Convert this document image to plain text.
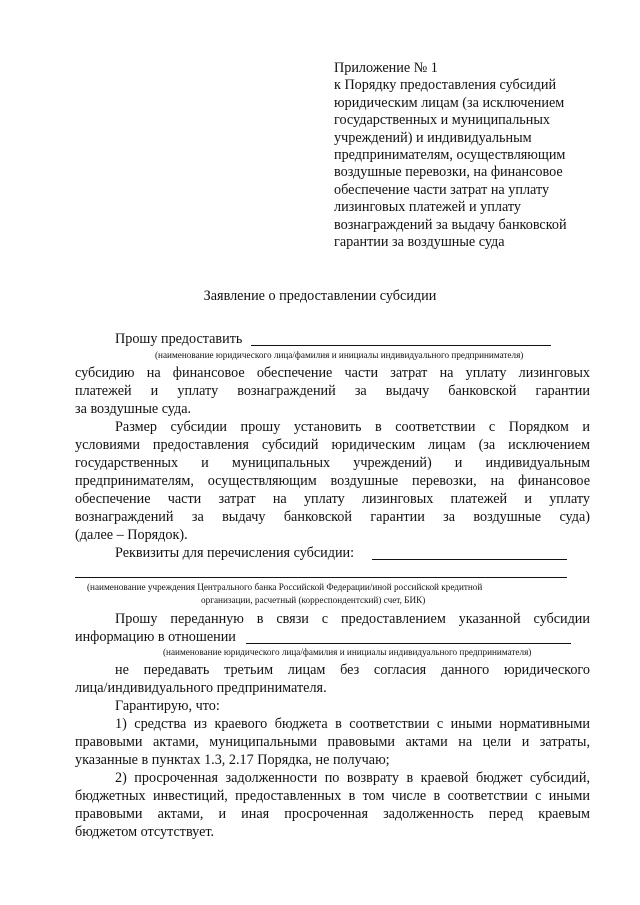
Приложение № 1
к Порядку предоставления субсидий
юридическим лицам (за исключением
государственных и муниципальных
учреждений) и индивидуальным
предпринимателям, осуществляющим
воздушные перевозки, на финансовое
обеспечение части затрат на уплату
лизинговых платежей и уплату
вознаграждений за выдачу банковской
гарантии за воздушные суда
Заявление о предоставлении субсидии
Прошу предоставить
(наименование юридического лица/фамилия и инициалы индивидуального предпринимателя)
субсидию на финансовое обеспечение части затрат на уплату лизинговых
платежей и уплату вознаграждений за выдачу банковской гарантии
за воздушные суда.
Размер субсидии прошу установить в соответствии с Порядком и
условиями предоставления субсидий юридическим лицам (за исключением
государственных и муниципальных учреждений) и индивидуальным
предпринимателям, осуществляющим воздушные перевозки, на финансовое
обеспечение части затрат на уплату лизинговых платежей и уплату
вознаграждений за выдачу банковской гарантии за воздушные суда)
(далее – Порядок).
Реквизиты для перечисления субсидии:
(наименование учреждения Центрального банка Российской Федерации/иной российской кредитной
организации, расчетный (корреспондентский) счет, БИК)
Прошу переданную в связи с предоставлением указанной субсидии
информацию в отношении
(наименование юридического лица/фамилия и инициалы индивидуального предпринимателя)
не передавать третьим лицам без согласия данного юридического
лица/индивидуального предпринимателя.
Гарантирую, что:
1) средства из краевого бюджета в соответствии с иными нормативными
правовыми актами, муниципальными правовыми актами на цели и затраты,
указанные в пунктах 1.3, 2.17 Порядка, не получаю;
2) просроченная задолженности по возврату в краевой бюджет субсидий,
бюджетных инвестиций, предоставленных в том числе в соответствии с иными
правовыми актами, и иная просроченная задолженность перед краевым
бюджетом отсутствует.
